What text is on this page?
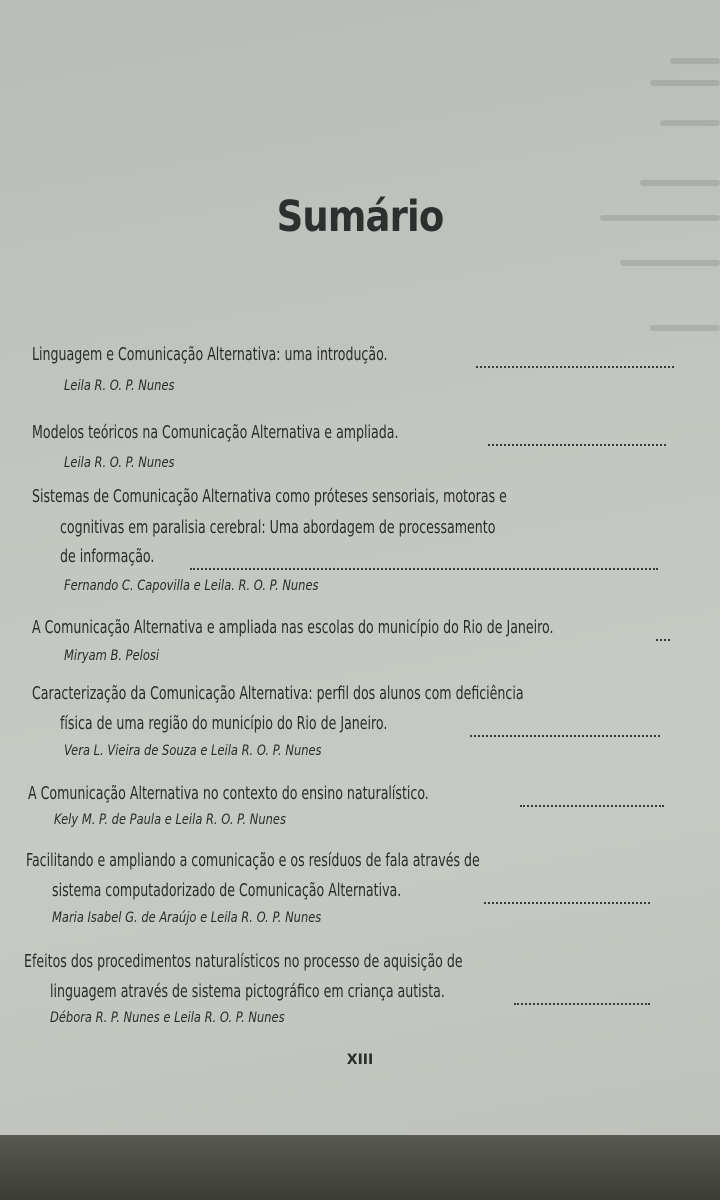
Sumário
Linguagem e Comunicação Alternativa: uma introdução.
Leila R. O. P. Nunes
Modelos teóricos na Comunicação Alternativa e ampliada.
Leila R. O. P. Nunes
Sistemas de Comunicação Alternativa como próteses sensoriais, motoras e
cognitivas em paralisia cerebral: Uma abordagem de processamento
de informação.
Fernando C. Capovilla e Leila. R. O. P. Nunes
A Comunicação Alternativa e ampliada nas escolas do município do Rio de Janeiro.
Miryam B. Pelosi
Caracterização da Comunicação Alternativa: perfil dos alunos com deficiência
física de uma região do município do Rio de Janeiro.
Vera L. Vieira de Souza e Leila R. O. P. Nunes
A Comunicação Alternativa no contexto do ensino naturalístico.
Kely M. P. de Paula e Leila R. O. P. Nunes
Facilitando e ampliando a comunicação e os resíduos de fala através de
sistema computadorizado de Comunicação Alternativa.
Maria Isabel G. de Araújo e Leila R. O. P. Nunes
Efeitos dos procedimentos naturalísticos no processo de aquisição de
linguagem através de sistema pictográfico em criança autista.
Débora R. P. Nunes e Leila R. O. P. Nunes
XIII
